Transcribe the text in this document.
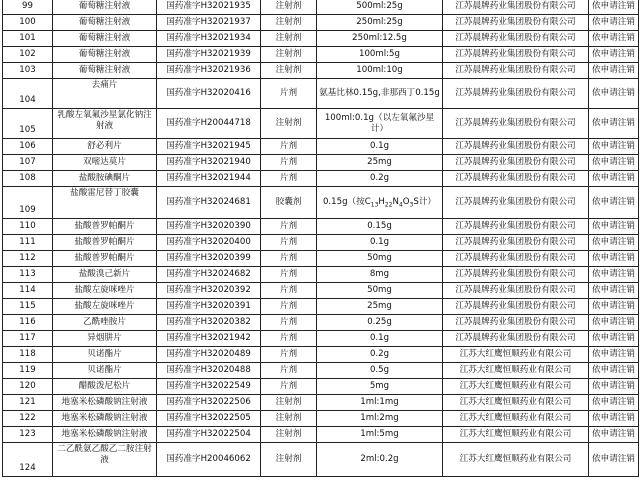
99	葡萄糖注射液	国药准字H32021935	注射剂	500ml:25g	江苏晨牌药业集团股份有限公司	依申请注销
100	葡萄糖注射液	国药准字H32021937	注射剂	250ml:25g	江苏晨牌药业集团股份有限公司	依申请注销
101	葡萄糖注射液	国药准字H32021934	注射剂	250ml:12.5g	江苏晨牌药业集团股份有限公司	依申请注销
102	葡萄糖注射液	国药准字H32021939	注射剂	100ml:5g	江苏晨牌药业集团股份有限公司	依申请注销
103	葡萄糖注射液	国药准字H32021936	注射剂	100ml:10g	江苏晨牌药业集团股份有限公司	依申请注销
104	去痛片	国药准字H32020416	片剂	氨基比林0.15g,非那西丁0.15g	江苏晨牌药业集团股份有限公司	依申请注销
105	乳酸左氧氟沙星氯化钠注射液	国药准字H20044718	注射剂	100ml:0.1g（以左氧氟沙星计）	江苏晨牌药业集团股份有限公司	依申请注销
106	舒必利片	国药准字H32021945	片剂	0.1g	江苏晨牌药业集团股份有限公司	依申请注销
107	双嘧达莫片	国药准字H32021940	片剂	25mg	江苏晨牌药业集团股份有限公司	依申请注销
108	盐酸胺碘酮片	国药准字H32021944	片剂	0.2g	江苏晨牌药业集团股份有限公司	依申请注销
109	盐酸雷尼替丁胶囊	国药准字H32024681	胶囊剂	0.15g（按$C_{13}H_{22}N_4O_3S$计）	江苏晨牌药业集团股份有限公司	依申请注销
110	盐酸普罗帕酮片	国药准字H32020390	片剂	0.15g	江苏晨牌药业集团股份有限公司	依申请注销
111	盐酸普罗帕酮片	国药准字H32020400	片剂	0.1g	江苏晨牌药业集团股份有限公司	依申请注销
112	盐酸普罗帕酮片	国药准字H32020399	片剂	50mg	江苏晨牌药业集团股份有限公司	依申请注销
113	盐酸溴己新片	国药准字H32024682	片剂	8mg	江苏晨牌药业集团股份有限公司	依申请注销
114	盐酸左旋咪唑片	国药准字H32020392	片剂	50mg	江苏晨牌药业集团股份有限公司	依申请注销
115	盐酸左旋咪唑片	国药准字H32020391	片剂	25mg	江苏晨牌药业集团股份有限公司	依申请注销
116	乙酰唑胺片	国药准字H32020382	片剂	0.25g	江苏晨牌药业集团股份有限公司	依申请注销
117	异烟肼片	国药准字H32021942	片剂	0.1g	江苏晨牌药业集团股份有限公司	依申请注销
118	贝诺酯片	国药准字H32020489	片剂	0.2g	江苏大红鹰恒顺药业有限公司	依申请注销
119	贝诺酯片	国药准字H32020488	片剂	0.5g	江苏大红鹰恒顺药业有限公司	依申请注销
120	醋酸泼尼松片	国药准字H32022549	片剂	5mg	江苏大红鹰恒顺药业有限公司	依申请注销
121	地塞米松磷酸钠注射液	国药准字H32022506	注射剂	1ml:1mg	江苏大红鹰恒顺药业有限公司	依申请注销
122	地塞米松磷酸钠注射液	国药准字H32022505	注射剂	1ml:2mg	江苏大红鹰恒顺药业有限公司	依申请注销
123	地塞米松磷酸钠注射液	国药准字H32022504	注射剂	1ml:5mg	江苏大红鹰恒顺药业有限公司	依申请注销
124	二乙酰氨乙酸乙二胺注射液	国药准字H20046062	注射剂	2ml:0.2g	江苏大红鹰恒顺药业有限公司	依申请注销
